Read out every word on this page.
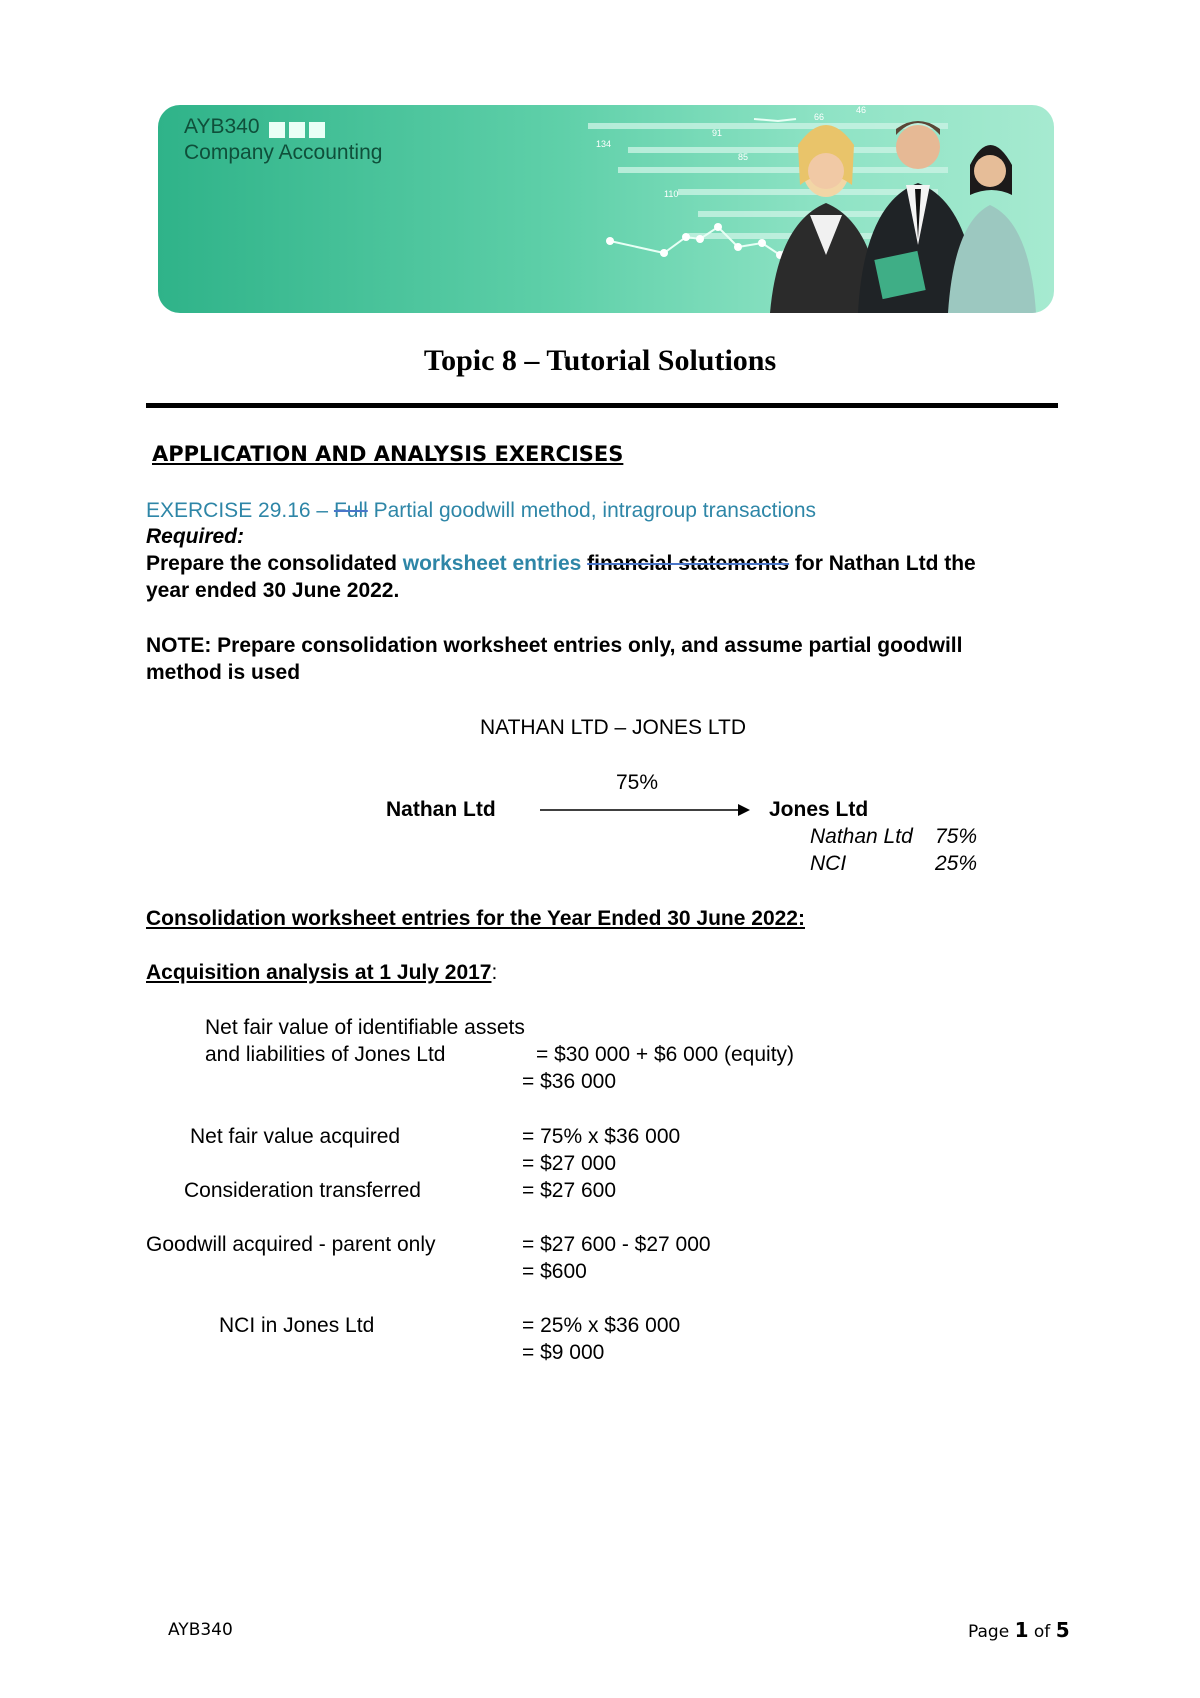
46
66
91
134
85
110
AYB340
Company Accounting
Topic 8 – Tutorial Solutions
APPLICATION AND ANALYSIS EXERCISES
EXERCISE 29.16 – Full Partial goodwill method, intragroup transactions
Required:
Prepare the consolidated worksheet entries financial statements for Nathan Ltd the
year ended 30 June 2022.
NOTE: Prepare consolidation worksheet entries only, and assume partial goodwill
method is used
NATHAN LTD – JONES LTD
75%
Nathan Ltd	Jones Ltd
Nathan Ltd 75%
NCI	25%
Consolidation worksheet entries for the Year Ended 30 June 2022:
Acquisition analysis at 1 July 2017:
Net fair value of identifiable assets
and liabilities of Jones Ltd	= $30 000 + $6 000 (equity)
= $36 000
Net fair value acquired	= 75% x $36 000
= $27 000
Consideration transferred	= $27 600
Goodwill acquired - parent only	= $27 600 - $27 000
= $600
NCI in Jones Ltd	= 25% x $36 000
= $9 000
AYB340	Page 1 of 5
